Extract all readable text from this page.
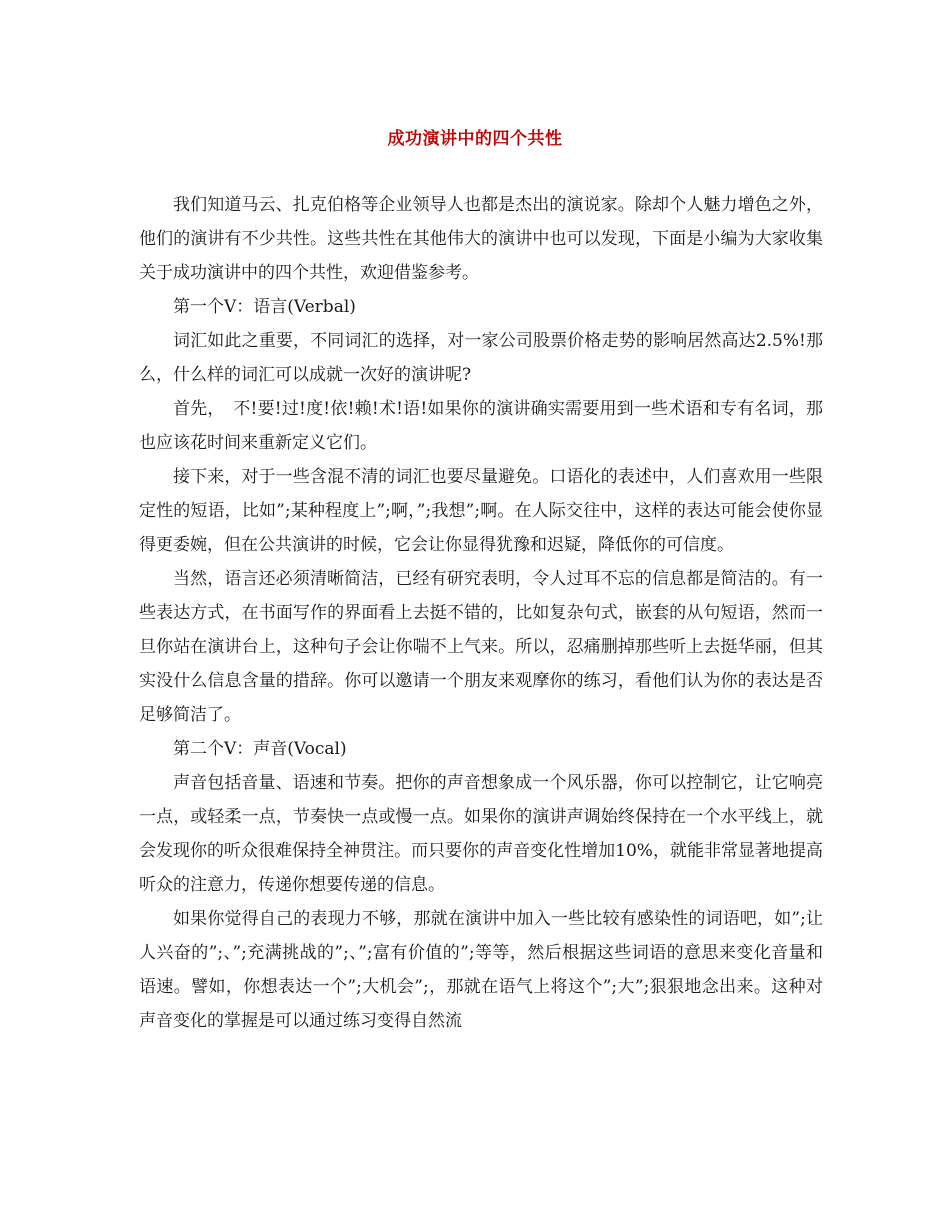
成功演讲中的四个共性

我们知道马云、扎克伯格等企业领导人也都是杰出的演说家。除却个人魅力增色之外，他们的演讲有不少共性。这些共性在其他伟大的演讲中也可以发现，下面是小编为大家收集关于成功演讲中的四个共性，欢迎借鉴参考。

第一个V：语言(Verbal)

词汇如此之重要，不同词汇的选择，对一家公司股票价格走势的影响居然高达2.5%!那么，什么样的词汇可以成就一次好的演讲呢?

首先，　不!要!过!度!依!赖!术!语!如果你的演讲确实需要用到一些术语和专有名词，那也应该花时间来重新定义它们。

接下来，对于一些含混不清的词汇也要尽量避免。口语化的表述中，人们喜欢用一些限定性的短语，比如”;某种程度上”;啊，”;我想”;啊。在人际交往中，这样的表达可能会使你显得更委婉，但在公共演讲的时候，它会让你显得犹豫和迟疑，降低你的可信度。

当然，语言还必须清晰简洁，已经有研究表明，令人过耳不忘的信息都是简洁的。有一些表达方式，在书面写作的界面看上去挺不错的，比如复杂句式，嵌套的从句短语，然而一旦你站在演讲台上，这种句子会让你喘不上气来。所以，忍痛删掉那些听上去挺华丽，但其实没什么信息含量的措辞。你可以邀请一个朋友来观摩你的练习，看他们认为你的表达是否足够简洁了。

第二个V：声音(Vocal)

声音包括音量、语速和节奏。把你的声音想象成一个风乐器，你可以控制它，让它响亮一点，或轻柔一点，节奏快一点或慢一点。如果你的演讲声调始终保持在一个水平线上，就会发现你的听众很难保持全神贯注。而只要你的声音变化性增加10%，就能非常显著地提高听众的注意力，传递你想要传递的信息。

如果你觉得自己的表现力不够，那就在演讲中加入一些比较有感染性的词语吧，如”;让人兴奋的”;、”;充满挑战的”;、”;富有价值的”;等等，然后根据这些词语的意思来变化音量和语速。譬如，你想表达一个”;大机会”;，那就在语气上将这个”;大”;狠狠地念出来。这种对声音变化的掌握是可以通过练习变得自然流
